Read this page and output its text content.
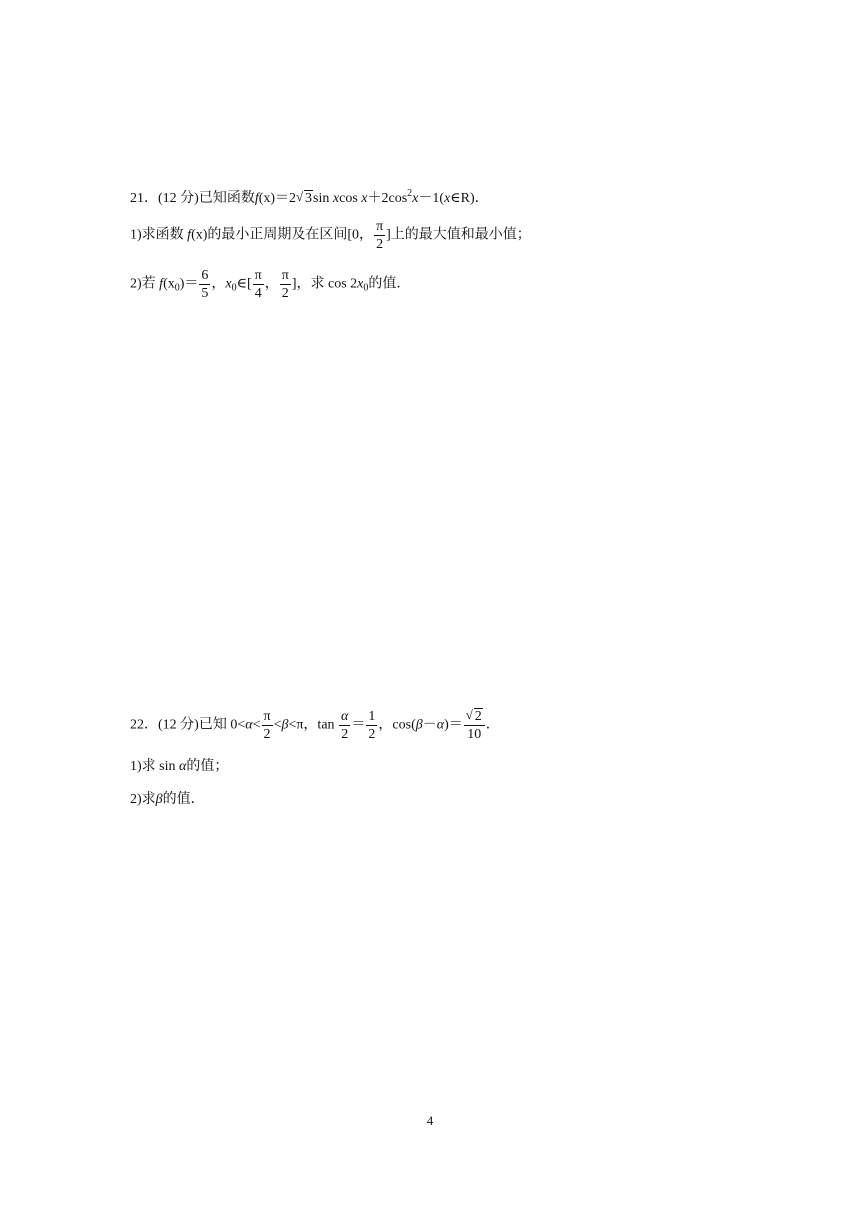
21．(12 分)已知函数f(x)＝2 √ 3sin xcos $x+2\cos^2x-1(x\in R)$．
1)求函数 f(x)的最小正周期及在区间[0， $\frac{\pi}{2}$ ]上的最大值和最小值；
2)若 $f(x_0)= \frac{6}{5}$ ，$x_0\in[ \frac{\pi}{4}$ ， $\frac{\pi}{2}$ ]，求 $\cos 2x_0$的值．
22．(12 分)已知 $0<\alpha< \frac{\pi}{2} <\beta<\pi$，$\tan \frac{\alpha}{2} = \frac{1}{2}$ ，$\cos(\beta-\alpha)= \frac{√ 2}{10}$ ．
1)求 sin α的值；
2)求β的值．
4
